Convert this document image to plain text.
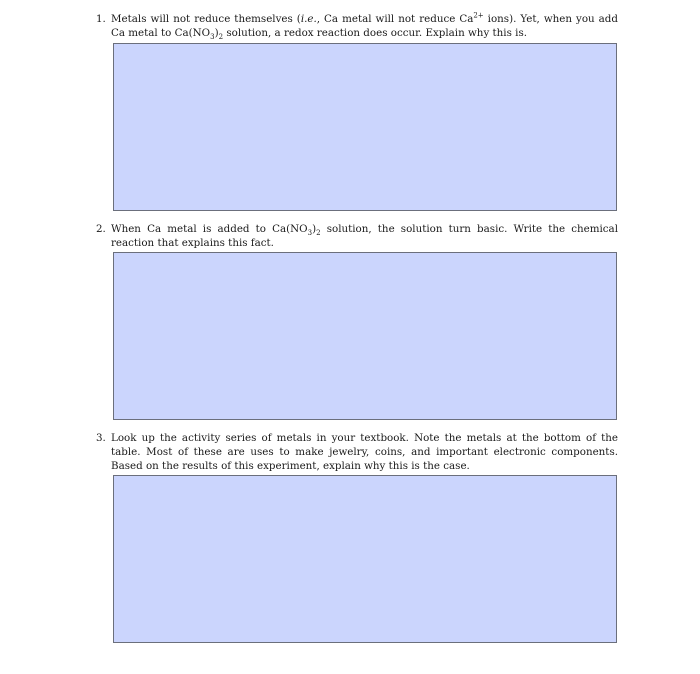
1. Metals will not reduce themselves (i.e., Ca metal will not reduce $Ca^{2+}$ ions). Yet, when you add Ca metal to $Ca(NO_3)_2$ solution, a redox reaction does occur. Explain why this is.
2. When Ca metal is added to $Ca(NO_3)_2$ solution, the solution turn basic. Write the chemical reaction that explains this fact.
3. Look up the activity series of metals in your textbook. Note the metals at the bottom of the table. Most of these are uses to make jewelry, coins, and important electronic components. Based on the results of this experiment, explain why this is the case.
